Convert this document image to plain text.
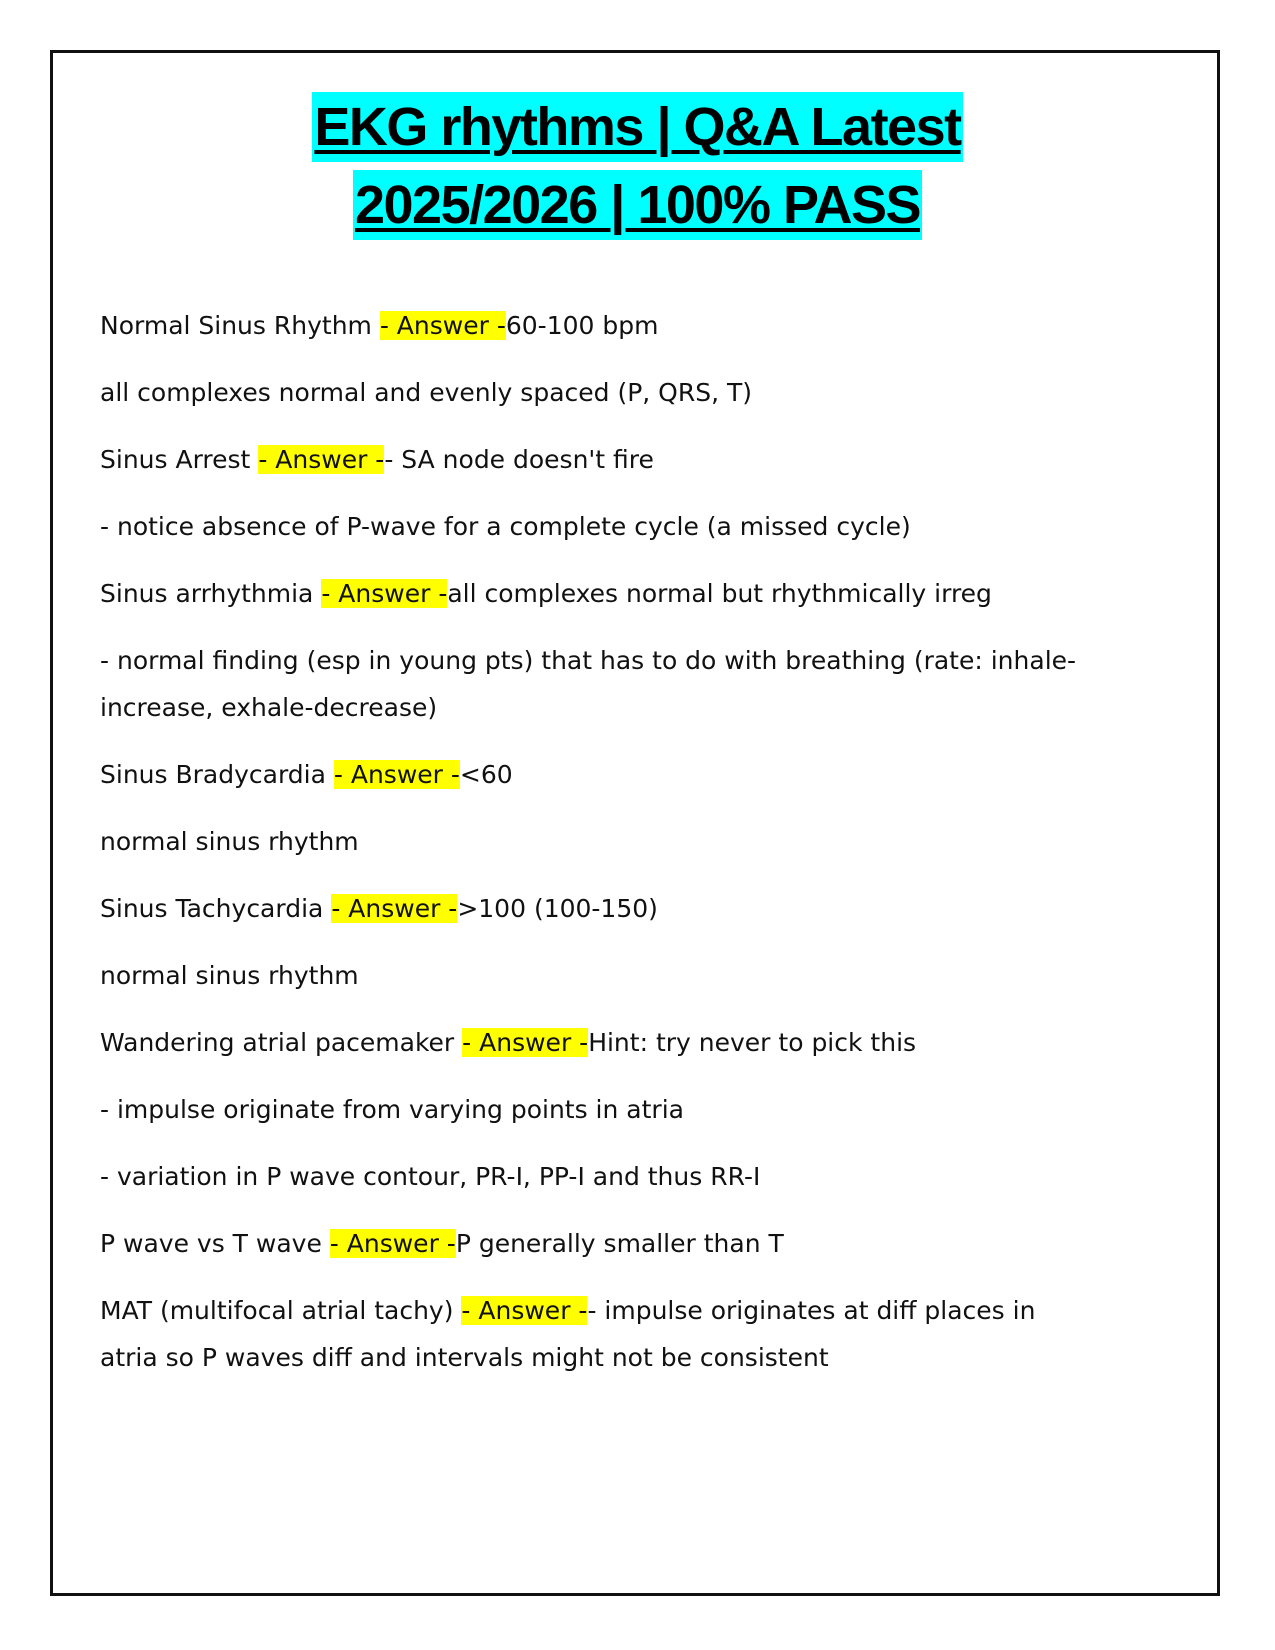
EKG rhythms | Q&A Latest
2025/2026 | 100% PASS

Normal Sinus Rhythm - Answer -60-100 bpm

all complexes normal and evenly spaced (P, QRS, T)

Sinus Arrest - Answer -- SA node doesn't fire

- notice absence of P-wave for a complete cycle (a missed cycle)

Sinus arrhythmia - Answer -all complexes normal but rhythmically irreg

- normal finding (esp in young pts) that has to do with breathing (rate: inhale-increase, exhale-decrease)

Sinus Bradycardia - Answer -<60

normal sinus rhythm

Sinus Tachycardia - Answer ->100 (100-150)

normal sinus rhythm

Wandering atrial pacemaker - Answer -Hint: try never to pick this

- impulse originate from varying points in atria

- variation in P wave contour, PR-I, PP-I and thus RR-I

P wave vs T wave - Answer -P generally smaller than T

MAT (multifocal atrial tachy) - Answer -- impulse originates at diff places in atria so P waves diff and intervals might not be consistent
